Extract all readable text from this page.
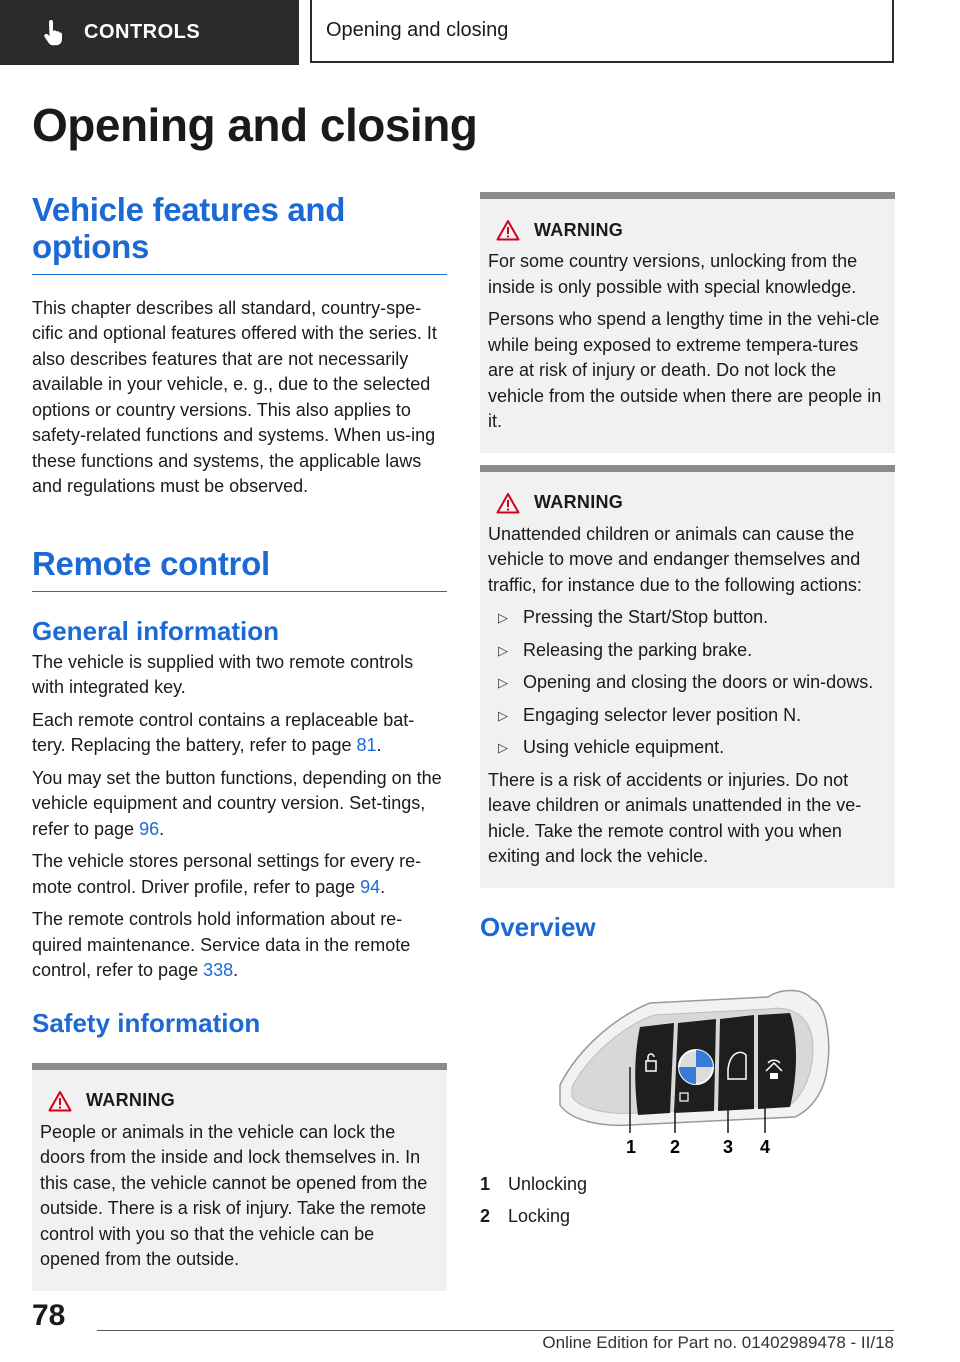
CONTROLS	Opening and closing
Opening and closing
Vehicle features and options

This chapter describes all standard, country-spe-cific and optional features offered with the series. It also describes features that are not necessarily available in your vehicle, e. g., due to the selected options or country versions. This also applies to safety-related functions and systems. When us-ing these functions and systems, the applicable laws and regulations must be observed.

Remote control
General information

The vehicle is supplied with two remote controls with integrated key.

Each remote control contains a replaceable bat-tery. Replacing the battery, refer to page 81.

You may set the button functions, depending on the vehicle equipment and country version. Set-tings, refer to page 96.

The vehicle stores personal settings for every re-mote control. Driver profile, refer to page 94.

The remote controls hold information about re-quired maintenance. Service data in the remote control, refer to page 338.

Safety information
WARNING

People or animals in the vehicle can lock the doors from the inside and lock themselves in. In this case, the vehicle cannot be opened from the outside. There is a risk of injury. Take the remote control with you so that the vehicle can be opened from the outside.

WARNING

For some country versions, unlocking from the inside is only possible with special knowledge.

Persons who spend a lengthy time in the vehi-cle while being exposed to extreme tempera-tures are at risk of injury or death. Do not lock the vehicle from the outside when there are people in it.

WARNING

Unattended children or animals can cause the vehicle to move and endanger themselves and traffic, for instance due to the following actions:

▷ Pressing the Start/Stop button.
▷ Releasing the parking brake.
▷ Opening and closing the doors or win-dows.
▷ Engaging selector lever position N.
▷ Using vehicle equipment.

There is a risk of accidents or injuries. Do not leave children or animals unattended in the ve-hicle. Take the remote control with you when exiting and lock the vehicle.

Overview
1 2 3 4
1 Unlocking
2 Locking
78
Online Edition for Part no. 01402989478 - II/18
